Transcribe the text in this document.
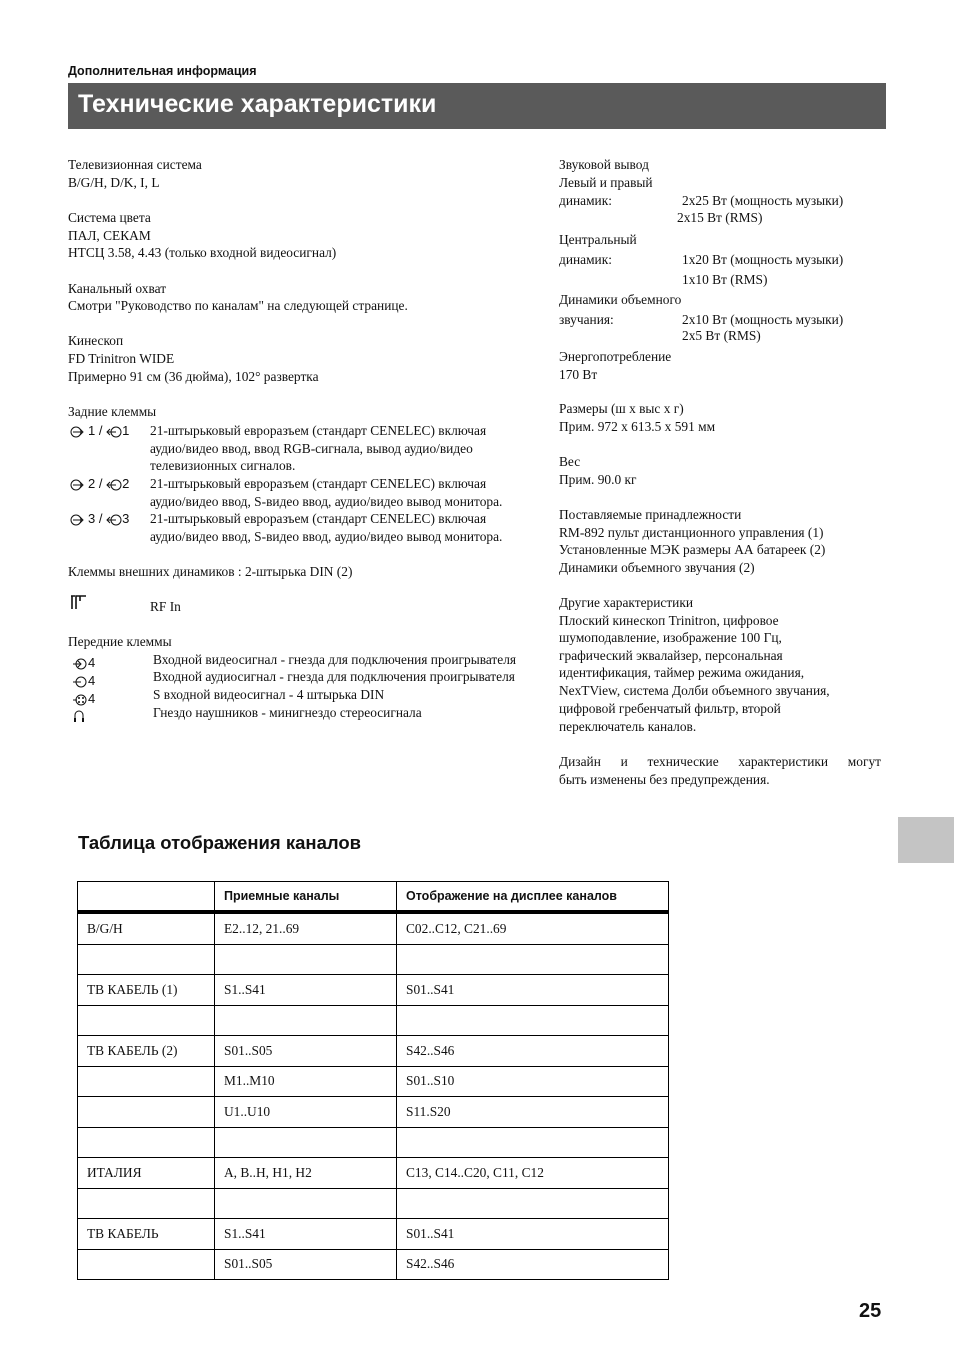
Дополнительная информация
Технические характеристики
Телевизионная система
B/G/H, D/K, I, L
Система цвета
ПАЛ, СЕКАМ
НТСЦ 3.58, 4.43 (только входной видеосигнал)
Канальный охват
Смотри "Руководство по каналам" на следующей странице.
Кинескоп
FD Trinitron WIDE
Примерно 91 см (36 дюйма), 102° развертка
Задние клеммы
1 / 1 21-штырьковый евроразъем (стандарт CENELEC) включая
аудио/видео ввод, ввод RGB-сигнала, вывод аудио/видео
телевизионных сигналов.
2 / 2 21-штырьковый евроразъем (стандарт CENELEC) включая
аудио/видео ввод, S-видео ввод, аудио/видео вывод монитора.
3 / 3 21-штырьковый евроразъем (стандарт CENELEC) включая
аудио/видео ввод, S-видео ввод, аудио/видео вывод монитора.
Клеммы внешних динамиков : 2-штырька DIN (2)
RF In
Передние клеммы
4	Входной видеосигнал - гнезда для подключения проигрывателя
4	Входной аудиосигнал - гнезда для подключения проигрывателя
4	S входной видеосигнал - 4 штырька DIN
Гнездо наушников - минигнездо стереосигнала
Звуковой вывод
Левый и правый
динамик:	2x25 Вт (мощность музыки)
2x15 Вт (RMS)
Центральный
динамик:	1x20 Вт (мощность музыки)
1x10 Вт (RMS)
Динамики объемного
звучания:	2x10 Вт (мощность музыки)
2x5 Вт (RMS)
Энергопотребление
170 Вт
Размеры (ш x выс x г)
Прим. 972 x 613.5 x 591 мм
Вес
Прим. 90.0 кг
Поставляемые принадлежности
RM-892 пульт дистанционного управления (1)
Установленные МЭК размеры АА батареек (2)
Динамики объемного звучания (2)
Другие характеристики
Плоский кинескоп Trinitron, цифровое
шумоподавление, изображение 100 Гц,
графический эквалайзер, персональная
идентификация, таймер режима ожидания,
NexTView, система Долби объемного звучания,
цифровой гребенчатый фильтр, второй
переключатель каналов.
Дизайн и технические характеристики могут
быть изменены без предупреждения.
Таблица отображения каналов
	Приемные каналы	Отображение на дисплее каналов
B/G/H	E2..12, 21..69	C02..C12, C21..69

ТВ КАБЕЛЬ (1)	S1..S41	S01..S41

ТВ КАБЕЛЬ (2)	S01..S05	S42..S46
	M1..M10	S01..S10
	U1..U10	S11.S20

ИТАЛИЯ	A, B..H, H1, H2	C13, C14..C20, C11, C12

ТВ КАБЕЛЬ	S1..S41	S01..S41
	S01..S05	S42..S46
25
